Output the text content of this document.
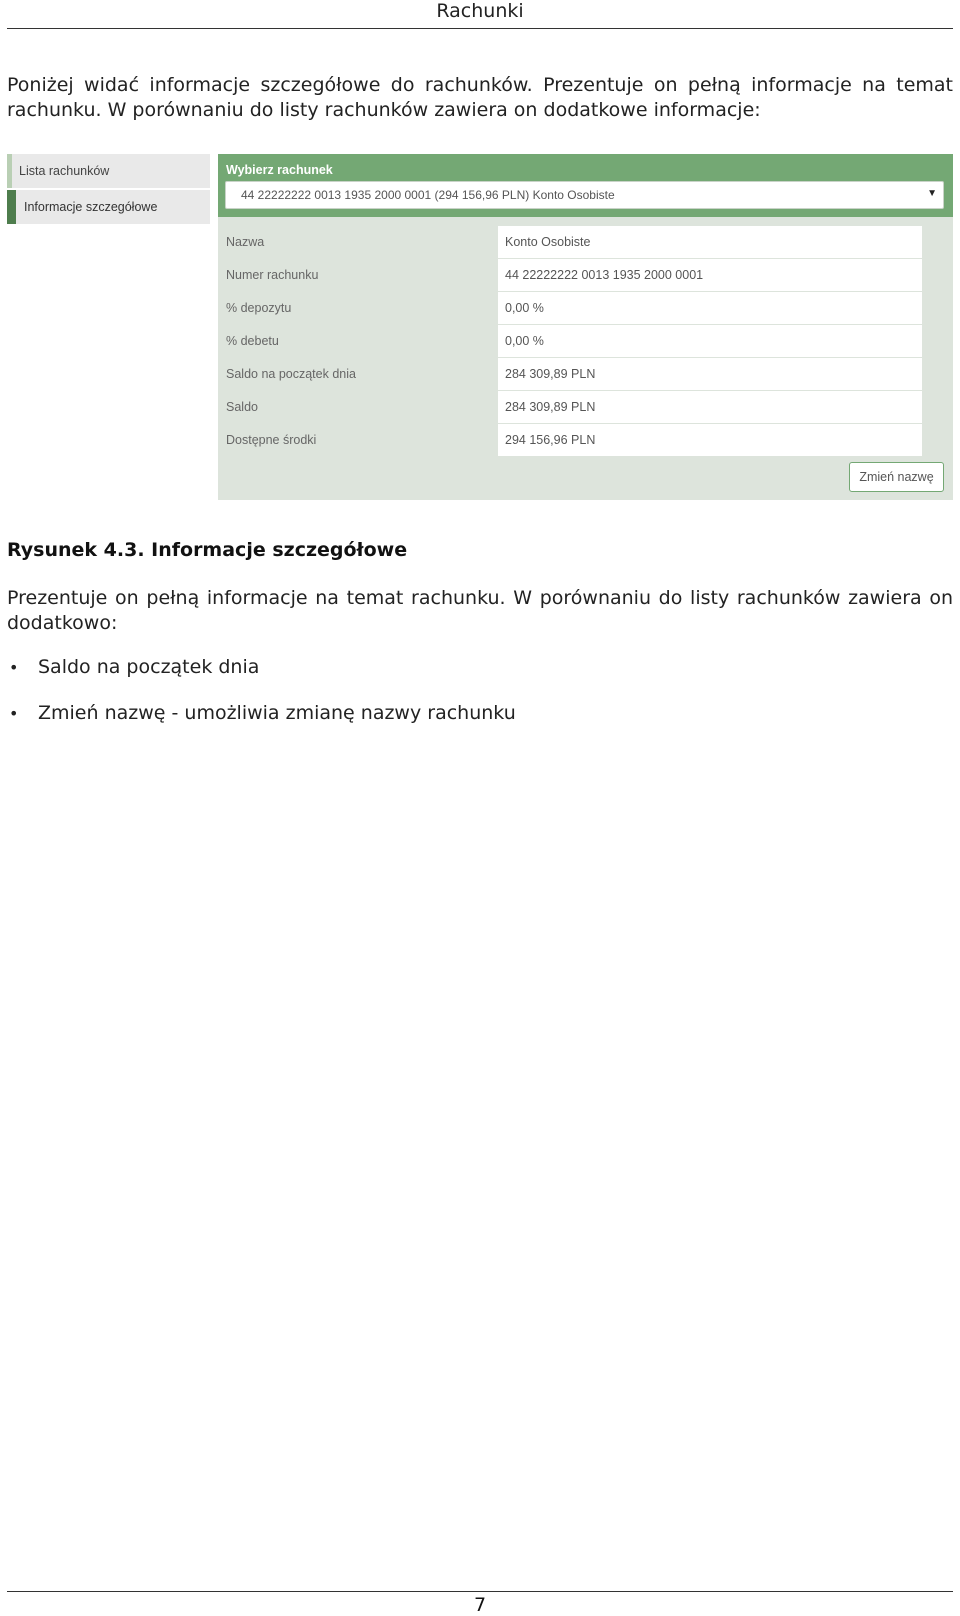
Rachunki

Poniżej widać informacje szczegółowe do rachunków. Prezentuje on pełną informacje na temat rachunku. W porównaniu do listy rachunków zawiera on dodatkowe informacje:

Lista rachunków
Informacje szczegółowe
Wybierz rachunek
44 22222222 0013 1935 2000 0001 (294 156,96 PLN) Konto Osobiste	▼
Nazwa	Konto Osobiste
Numer rachunku	44 22222222 0013 1935 2000 0001
% depozytu	0,00 %
% debetu	0,00 %
Saldo na początek dnia	284 309,89 PLN
Saldo	284 309,89 PLN
Dostępne środki	294 156,96 PLN
Zmień nazwę
Rysunek 4.3. Informacje szczegółowe

Prezentuje on pełną informacje na temat rachunku. W porównaniu do listy rachunków zawiera on dodatkowo:

• Saldo na początek dnia
• Zmień nazwę - umożliwia zmianę nazwy rachunku
7
